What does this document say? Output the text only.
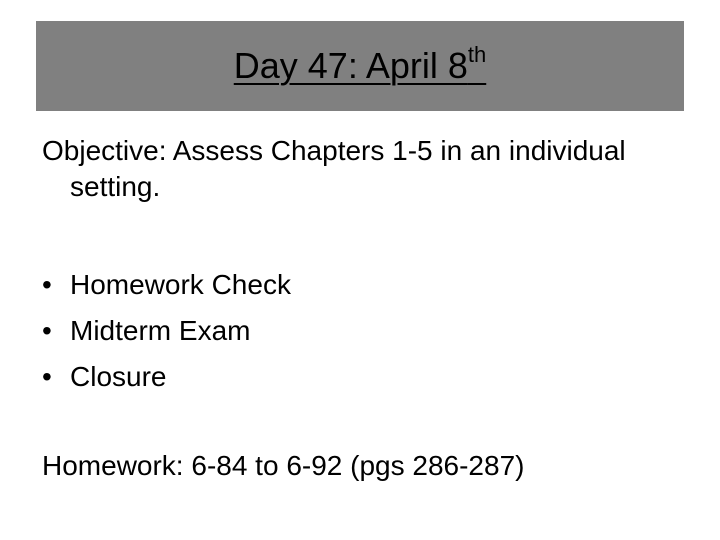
Day 47: April 8th
Objective: Assess Chapters 1-5 in an individual setting.
• Homework Check
• Midterm Exam
• Closure
Homework: 6-84 to 6-92 (pgs 286-287)
